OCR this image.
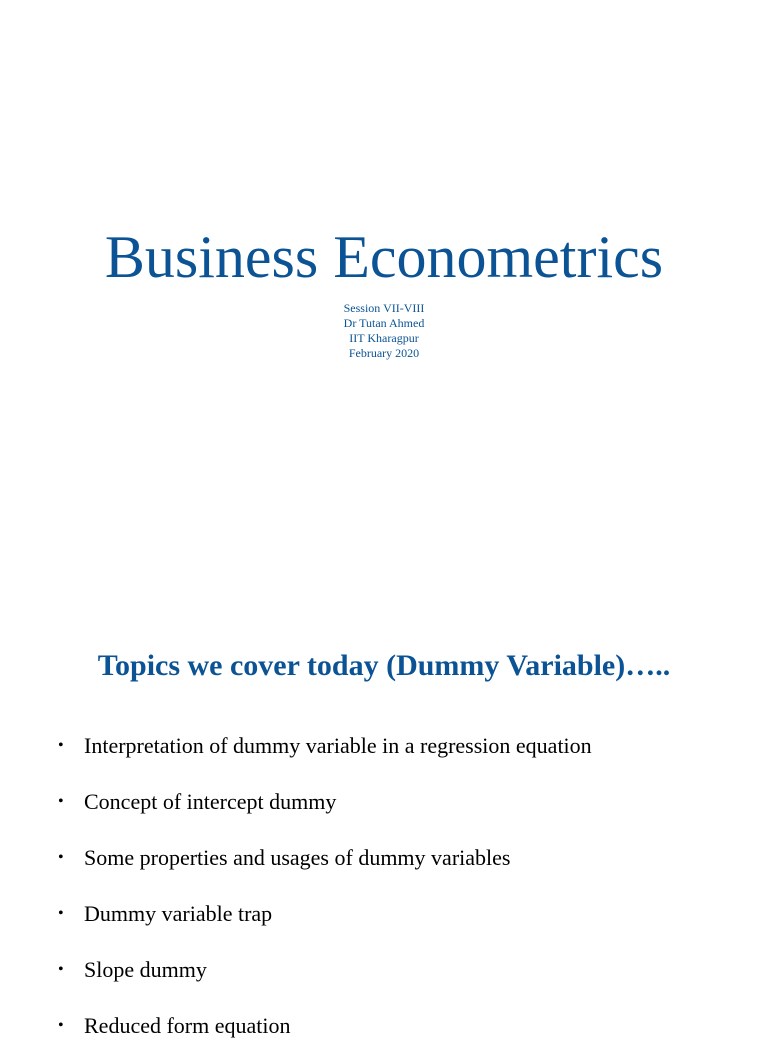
Business Econometrics
Session VII-VIII
Dr Tutan Ahmed
IIT Kharagpur
February 2020
Topics we cover today (Dummy Variable)…..
• Interpretation of dummy variable in a regression equation
• Concept of intercept dummy
• Some properties and usages of dummy variables
• Dummy variable trap
• Slope dummy
• Reduced form equation
